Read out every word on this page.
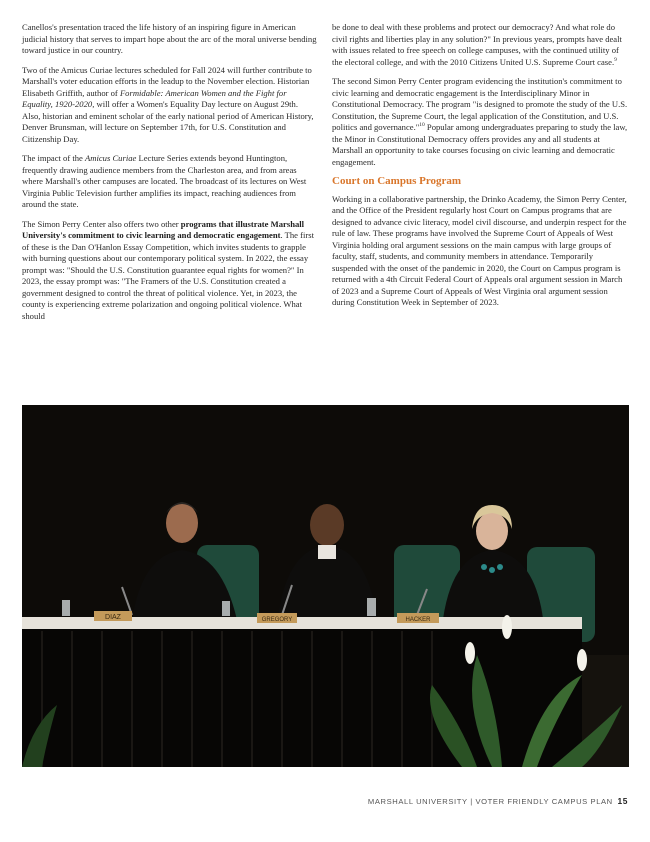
Canellos's presentation traced the life history of an inspiring figure in American judicial history that serves to impart hope about the arc of the moral universe bending toward justice in our country.

Two of the Amicus Curiae lectures scheduled for Fall 2024 will further contribute to Marshall's voter education efforts in the leadup to the November election. Historian Elisabeth Griffith, author of Formidable: American Women and the Fight for Equality, 1920-2020, will offer a Women's Equality Day lecture on August 29th. Also, historian and eminent scholar of the early national period of American History, Denver Brunsman, will lecture on September 17th, for U.S. Constitution and Citizenship Day.

The impact of the Amicus Curiae Lecture Series extends beyond Huntington, frequently drawing audience members from the Charleston area, and from areas where Marshall's other campuses are located. The broadcast of its lectures on West Virginia Public Television further amplifies its impact, reaching audiences from around the state.

The Simon Perry Center also offers two other programs that illustrate Marshall University's commitment to civic learning and democratic engagement. The first of these is the Dan O'Hanlon Essay Competition, which invites students to grapple with burning questions about our contemporary political system. In 2022, the essay prompt was: "Should the U.S. Constitution guarantee equal rights for women?" In 2023, the essay prompt was: "The Framers of the U.S. Constitution created a government designed to control the threat of political violence. Yet, in 2023, the county is experiencing extreme polarization and ongoing political violence. What should

be done to deal with these problems and protect our democracy? And what role do civil rights and liberties play in any solution?" In previous years, prompts have dealt with issues related to free speech on college campuses, with the continued utility of the electoral college, and with the 2010 Citizens United U.S. Supreme Court case.$^9$

The second Simon Perry Center program evidencing the institution's commitment to civic learning and democratic engagement is the Interdisciplinary Minor in Constitutional Democracy. The program "is designed to promote the study of the U.S. Constitution, the Supreme Court, the legal application of the Constitution, and U.S. politics and governance."$^{10}$ Popular among undergraduates preparing to study the law, the Minor in Constitutional Democracy offers provides any and all students at Marshall an opportunity to take courses focusing on civic learning and democratic engagement.

Court on Campus Program

Working in a collaborative partnership, the Drinko Academy, the Simon Perry Center, and the Office of the President regularly host Court on Campus programs that are designed to advance civic literacy, model civil discourse, and underpin respect for the rule of law. These programs have involved the Supreme Court of Appeals of West Virginia holding oral argument sessions on the main campus with large groups of faculty, staff, students, and community members in attendance. Temporarily suspended with the onset of the pandemic in 2020, the Court on Campus program is returned with a 4th Circuit Federal Court of Appeals oral argument session in March of 2023 and a Supreme Court of Appeals of West Virginia oral argument session during Constitution Week in September of 2023.

DIAZ	GREGORY	HACKER
MARSHALL UNIVERSITY | VOTER FRIENDLY CAMPUS PLAN 15
